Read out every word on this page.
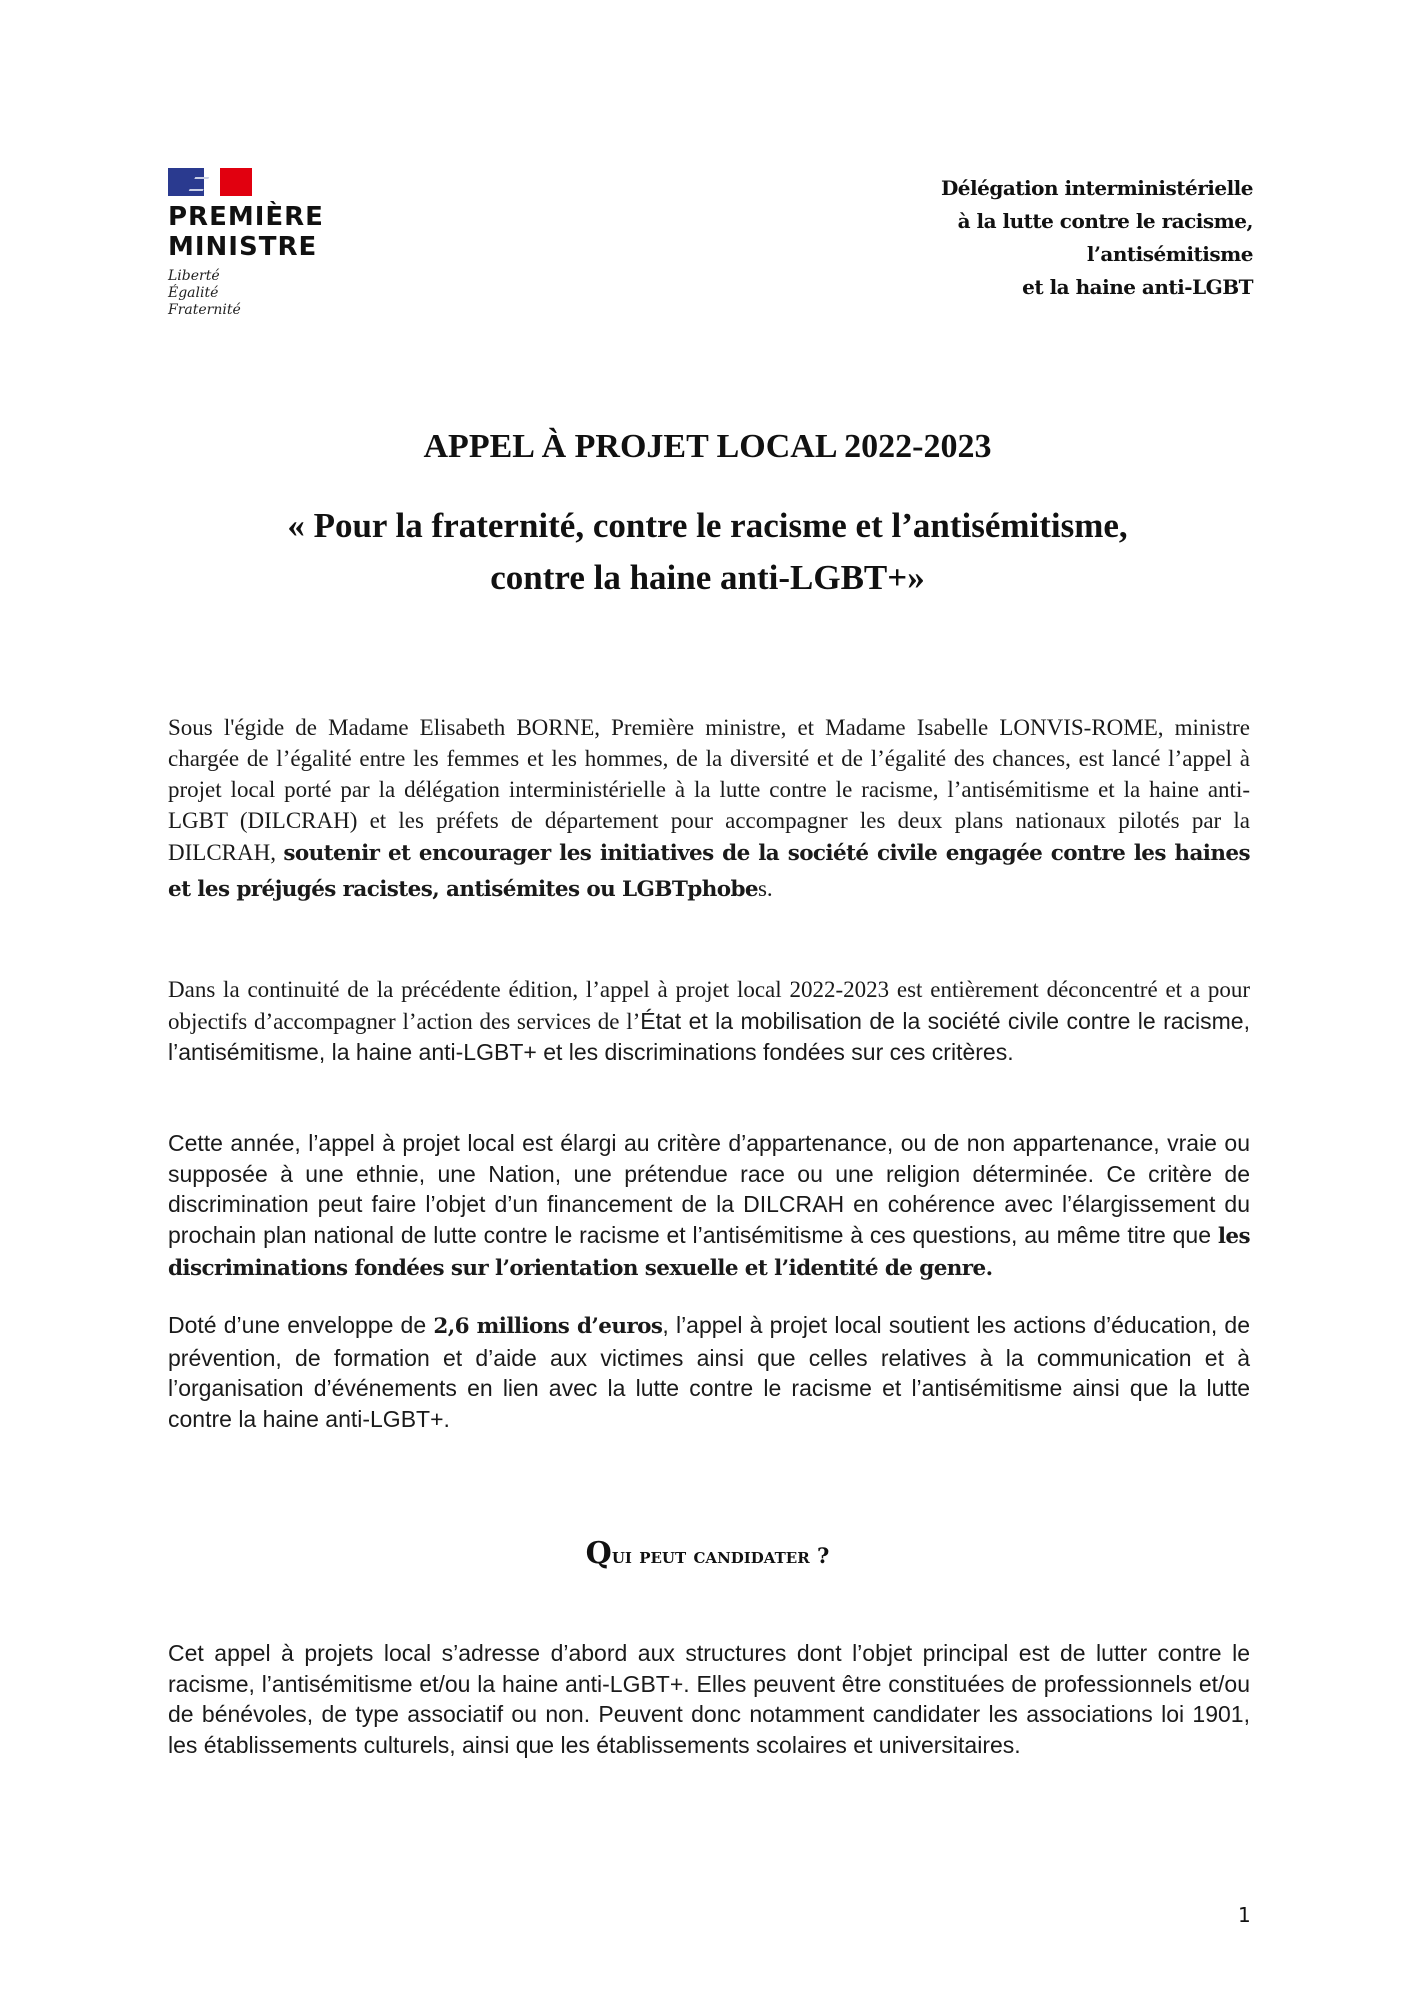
PREMIÈRE
MINISTRE
Liberté
Égalité
Fraternité
Délégation interministérielle
à la lutte contre le racisme,
l’antisémitisme
et la haine anti-LGBT
APPEL À PROJET LOCAL 2022-2023
« Pour la fraternité, contre le racisme et l’antisémitisme,
contre la haine anti-LGBT+»
Sous l'égide de Madame Elisabeth BORNE, Première ministre, et Madame Isabelle LONVIS-ROME, ministre chargée de l’égalité entre les femmes et les hommes, de la diversité et de l’égalité des chances, est lancé l’appel à projet local porté par la délégation interministérielle à la lutte contre le racisme, l’antisémitisme et la haine anti-LGBT (DILCRAH) et les préfets de département pour accompagner les deux plans nationaux pilotés par la DILCRAH, soutenir et encourager les initiatives de la société civile engagée contre les haines et les préjugés racistes, antisémites ou LGBTphobes.
Dans la continuité de la précédente édition, l’appel à projet local 2022-2023 est entièrement déconcentré et a pour objectifs d’accompagner l’action des services de l’État et la mobilisation de la société civile contre le racisme, l’antisémitisme, la haine anti-LGBT+ et les discriminations fondées sur ces critères.
Cette année, l’appel à projet local est élargi au critère d’appartenance, ou de non appartenance, vraie ou supposée à une ethnie, une Nation, une prétendue race ou une religion déterminée. Ce critère de discrimination peut faire l’objet d’un financement de la DILCRAH en cohérence avec l’élargissement du prochain plan national de lutte contre le racisme et l’antisémitisme à ces questions, au même titre que les discriminations fondées sur l’orientation sexuelle et l’identité de genre.
Doté d’une enveloppe de 2,6 millions d’euros, l’appel à projet local soutient les actions d’éducation, de prévention, de formation et d’aide aux victimes ainsi que celles relatives à la communication et à l’organisation d’événements en lien avec la lutte contre le racisme et l’antisémitisme ainsi que la lutte contre la haine anti-LGBT+.
Qui peut candidater ?
Cet appel à projets local s’adresse d’abord aux structures dont l’objet principal est de lutter contre le racisme, l’antisémitisme et/ou la haine anti-LGBT+. Elles peuvent être constituées de professionnels et/ou de bénévoles, de type associatif ou non. Peuvent donc notamment candidater les associations loi 1901, les établissements culturels, ainsi que les établissements scolaires et universitaires.
1
